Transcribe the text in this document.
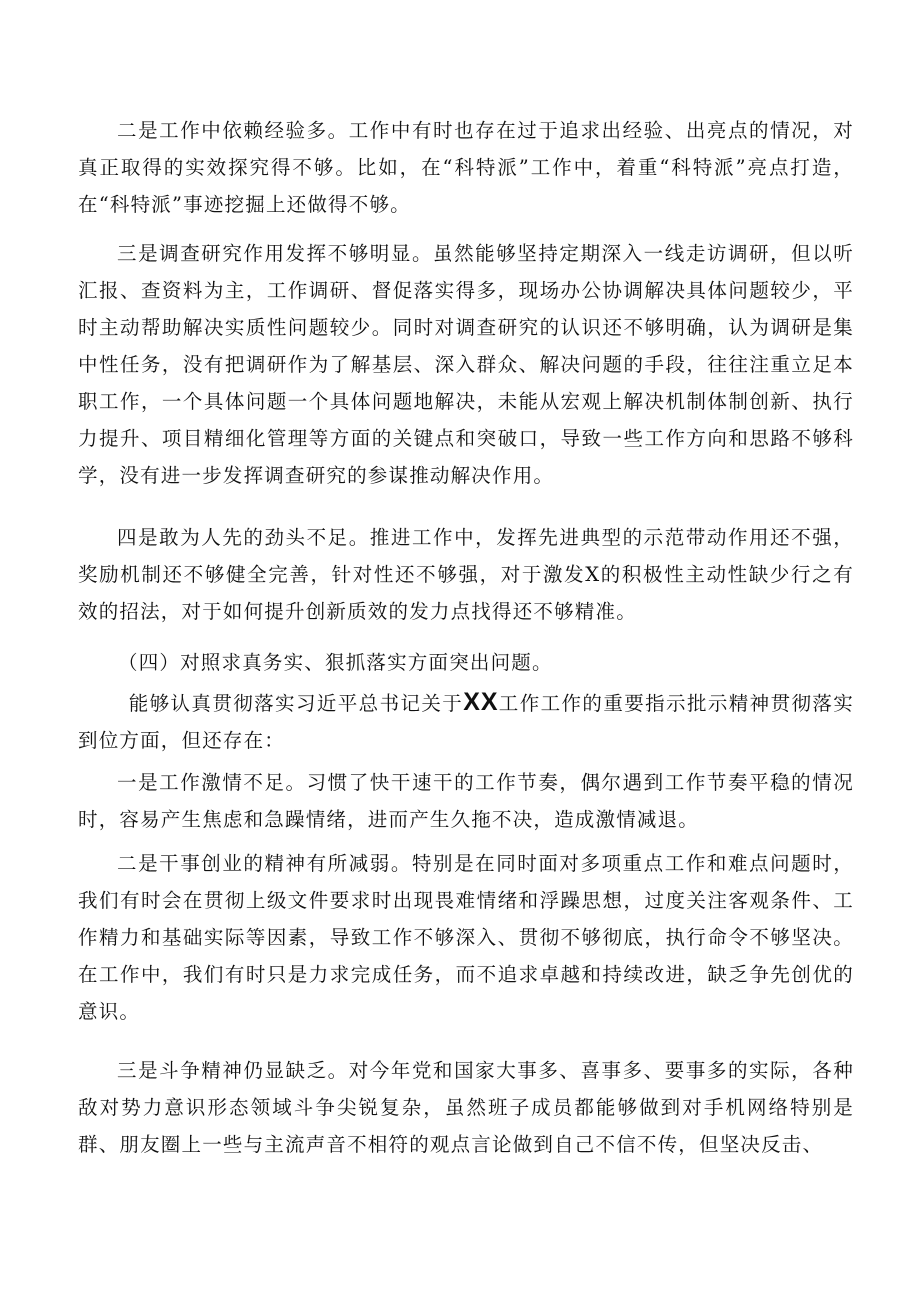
二是工作中依赖经验多。工作中有时也存在过于追求出经验、出亮点的情况，对真正取得的实效探究得不够。比如，在“科特派”工作中，着重“科特派”亮点打造，在“科特派”事迹挖掘上还做得不够。

三是调查研究作用发挥不够明显。虽然能够坚持定期深入一线走访调研，但以听汇报、查资料为主，工作调研、督促落实得多，现场办公协调解决具体问题较少，平时主动帮助解决实质性问题较少。同时对调查研究的认识还不够明确，认为调研是集中性任务，没有把调研作为了解基层、深入群众、解决问题的手段，往往注重立足本职工作，一个具体问题一个具体问题地解决，未能从宏观上解决机制体制创新、执行力提升、项目精细化管理等方面的关键点和突破口，导致一些工作方向和思路不够科学，没有进一步发挥调查研究的参谋推动解决作用。

四是敢为人先的劲头不足。推进工作中，发挥先进典型的示范带动作用还不强，奖励机制还不够健全完善，针对性还不够强，对于激发X的积极性主动性缺少行之有效的招法，对于如何提升创新质效的发力点找得还不够精准。

（四）对照求真务实、狠抓落实方面突出问题。

能够认真贯彻落实习近平总书记关于XX工作工作的重要指示批示精神贯彻落实到位方面，但还存在：

一是工作激情不足。习惯了快干速干的工作节奏，偶尔遇到工作节奏平稳的情况时，容易产生焦虑和急躁情绪，进而产生久拖不决，造成激情减退。

二是干事创业的精神有所减弱。特别是在同时面对多项重点工作和难点问题时，我们有时会在贯彻上级文件要求时出现畏难情绪和浮躁思想，过度关注客观条件、工作精力和基础实际等因素，导致工作不够深入、贯彻不够彻底，执行命令不够坚决。在工作中，我们有时只是力求完成任务，而不追求卓越和持续改进，缺乏争先创优的意识。

三是斗争精神仍显缺乏。对今年党和国家大事多、喜事多、要事多的实际，各种敌对势力意识形态领域斗争尖锐复杂，虽然班子成员都能够做到对手机网络特别是群、朋友圈上一些与主流声音不相符的观点言论做到自己不信不传，但坚决反击、
